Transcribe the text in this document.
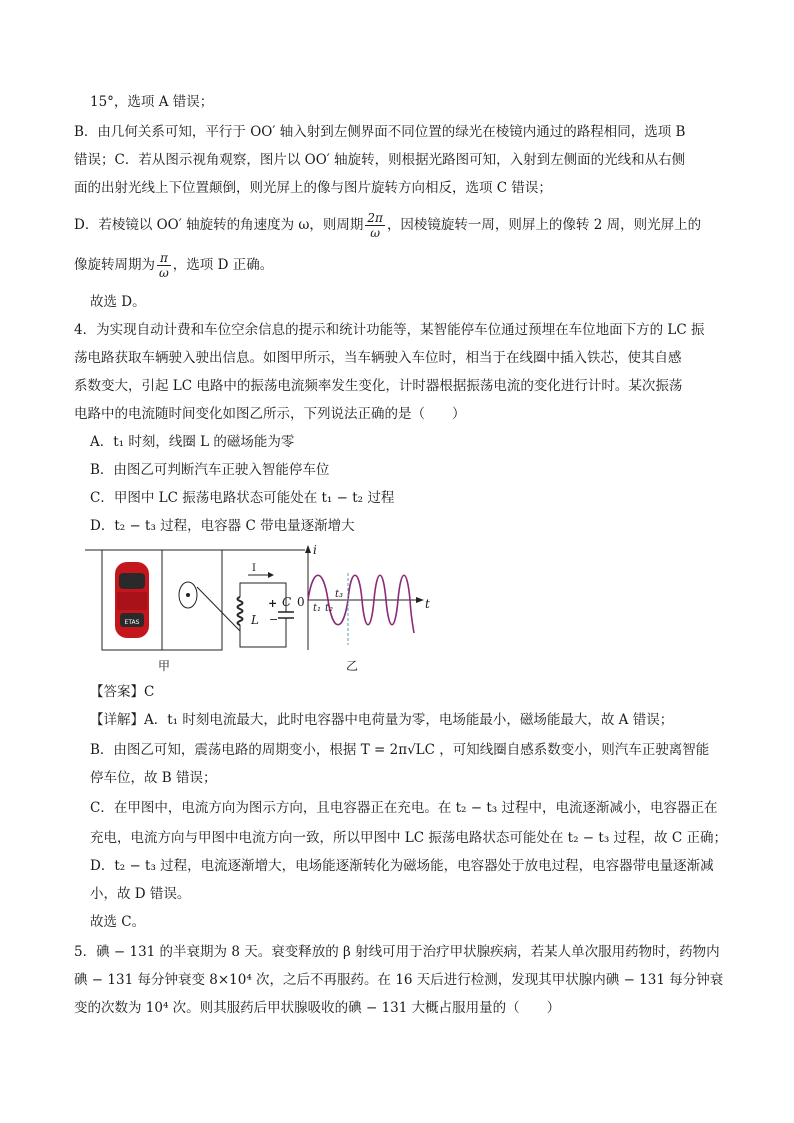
15°，选项 A 错误；
B．由几何关系可知，平行于 OO′ 轴入射到左侧界面不同位置的绿光在棱镜内通过的路程相同，选项 B
错误；C．若从图示视角观察，图片以 OO′ 轴旋转，则根据光路图可知，入射到左侧面的光线和从右侧
面的出射光线上下位置颠倒，则光屏上的像与图片旋转方向相反，选项 C 错误；
D．若棱镜以 OO′ 轴旋转的角速度为 ω，则周期 $\frac{2\pi}{\omega}$ ，因棱镜旋转一周，则屏上的像转 2 周，则光屏上的
像旋转周期为 $\frac{\pi}{\omega}$ ，选项 D 正确。
故选 D。
4．为实现自动计费和车位空余信息的提示和统计功能等，某智能停车位通过预埋在车位地面下方的 LC 振
荡电路获取车辆驶入驶出信息。如图甲所示，当车辆驶入车位时，相当于在线圈中插入铁芯，使其自感
系数变大，引起 LC 电路中的振荡电流频率发生变化，计时器根据振荡电流的变化进行计时。某次振荡
电路中的电流随时间变化如图乙所示，下列说法正确的是（　　）
A．t₁ 时刻，线圈 L 的磁场能为零
B．由图乙可判断汽车正驶入智能停车位
C．甲图中 LC 振荡电路状态可能处在 t₁ − t₂ 过程
D．t₂ − t₃ 过程，电容器 C 带电量逐渐增大
ETAS
甲	乙
i
t
0 t₁ t₂
t₃
I
L
C
+
−
【答案】C
【详解】A．t₁ 时刻电流最大，此时电容器中电荷量为零，电场能最小，磁场能最大，故 A 错误；
B．由图乙可知，震荡电路的周期变小，根据 T = 2π√LC ，可知线圈自感系数变小，则汽车正驶离智能
停车位，故 B 错误；
C．在甲图中，电流方向为图示方向，且电容器正在充电。在 t₂ − t₃ 过程中，电流逐渐减小，电容器正在
充电，电流方向与甲图中电流方向一致，所以甲图中 LC 振荡电路状态可能处在 t₂ − t₃ 过程，故 C 正确；
D．t₂ − t₃ 过程，电流逐渐增大，电场能逐渐转化为磁场能，电容器处于放电过程，电容器带电量逐渐减
小，故 D 错误。
故选 C。
5．碘 − 131 的半衰期为 8 天。衰变释放的 β 射线可用于治疗甲状腺疾病，若某人单次服用药物时，药物内
碘 − 131 每分钟衰变 8×10⁴ 次，之后不再服药。在 16 天后进行检测，发现其甲状腺内碘 − 131 每分钟衰
变的次数为 10⁴ 次。则其服药后甲状腺吸收的碘 − 131 大概占服用量的（　　）
